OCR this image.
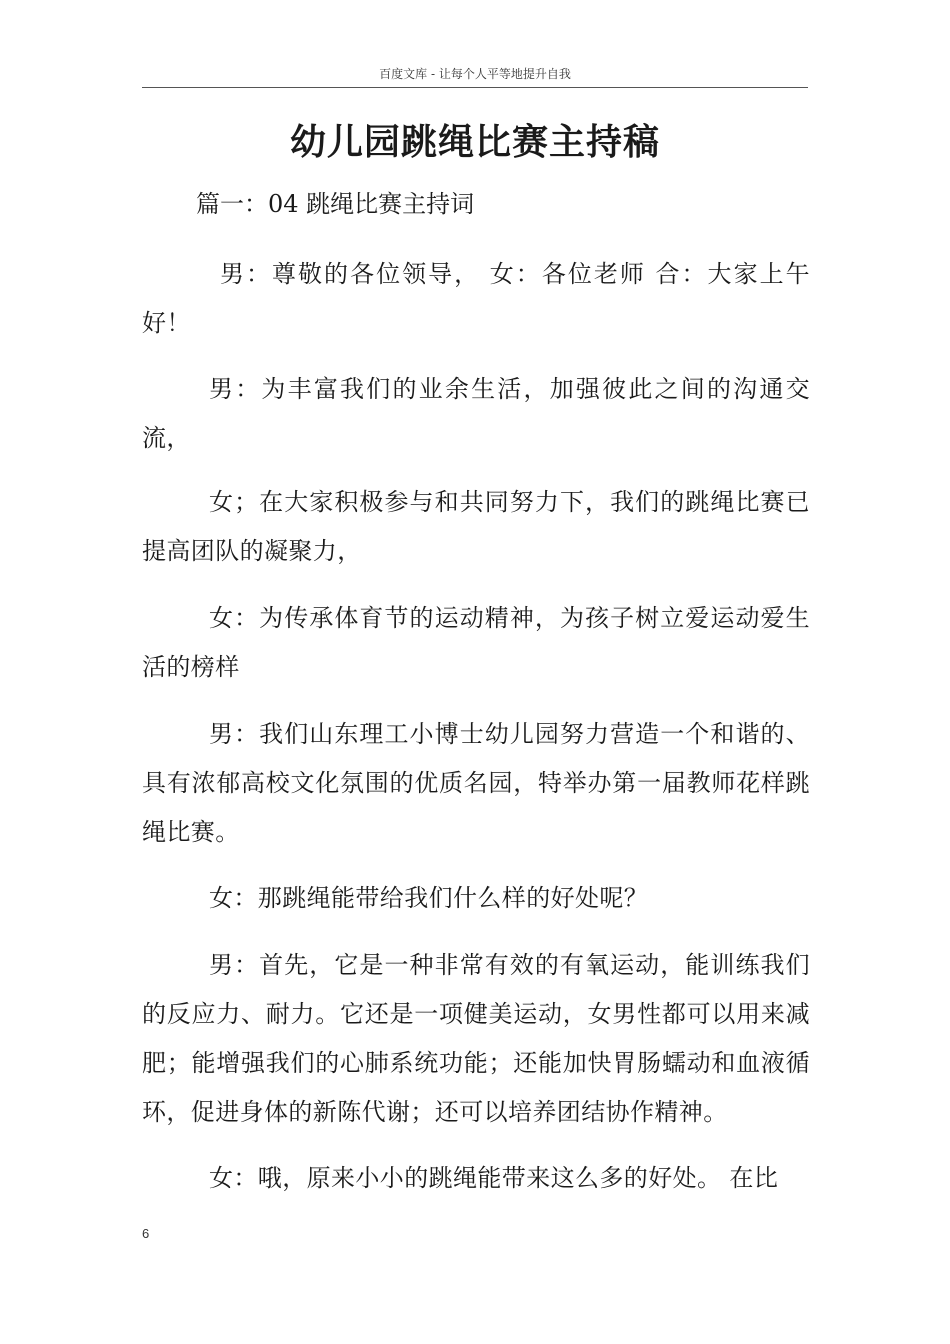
百度文库 - 让每个人平等地提升自我
幼儿园跳绳比赛主持稿
篇一：04 跳绳比赛主持词

男：尊敬的各位领导， 女：各位老师 合：大家上午好！

男：为丰富我们的业余生活，加强彼此之间的沟通交流，

女；在大家积极参与和共同努力下，我们的跳绳比赛已提高团队的凝聚力，

女：为传承体育节的运动精神，为孩子树立爱运动爱生活的榜样

男：我们山东理工小博士幼儿园努力营造一个和谐的、具有浓郁高校文化氛围的优质名园，特举办第一届教师花样跳绳比赛。

女：那跳绳能带给我们什么样的好处呢？

男：首先，它是一种非常有效的有氧运动，能训练我们的反应力、耐力。它还是一项健美运动，女男性都可以用来减肥；能增强我们的心肺系统功能；还能加快胃肠蠕动和血液循环，促进身体的新陈代谢；还可以培养团结协作精神。

女：哦，原来小小的跳绳能带来这么多的好处。 在比

6
